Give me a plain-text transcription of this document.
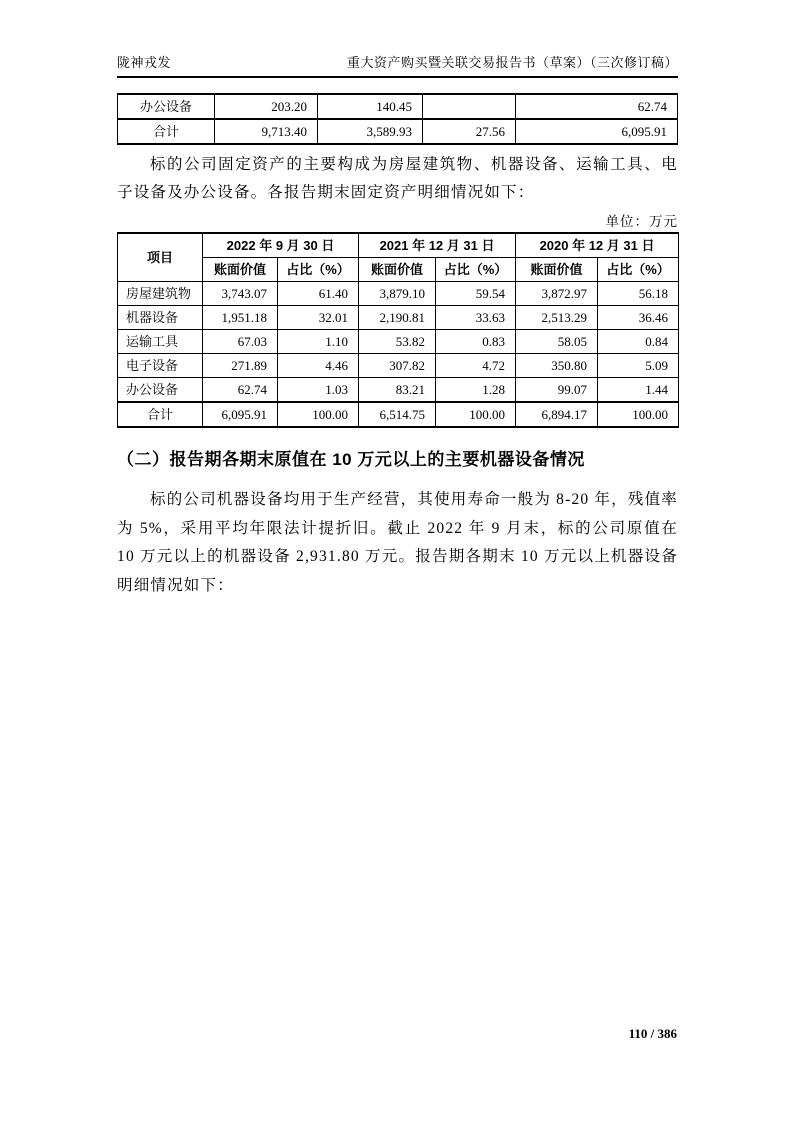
陇神戎发	重大资产购买暨关联交易报告书（草案）（三次修订稿）
办公设备	203.20	140.45		62.74
合计	9,713.40	3,589.93	27.56	6,095.91

标的公司固定资产的主要构成为房屋建筑物、机器设备、运输工具、电子设备及办公设备。各报告期末固定资产明细情况如下：

单位：万元
项目	2022 年 9 月 30 日		2021 年 12 月 31 日		2020 年 12 月 31 日	
	账面价值	占比（%）	账面价值	占比（%）	账面价值	占比（%）
房屋建筑物	3,743.07	61.40	3,879.10	59.54	3,872.97	56.18
机器设备	1,951.18	32.01	2,190.81	33.63	2,513.29	36.46
运输工具	67.03	1.10	53.82	0.83	58.05	0.84
电子设备	271.89	4.46	307.82	4.72	350.80	5.09
办公设备	62.74	1.03	83.21	1.28	99.07	1.44
合计	6,095.91	100.00	6,514.75	100.00	6,894.17	100.00
（二）报告期各期末原值在 10 万元以上的主要机器设备情况

标的公司机器设备均用于生产经营，其使用寿命一般为 8-20 年，残值率为 5%，采用平均年限法计提折旧。截止 2022 年 9 月末，标的公司原值在 10 万元以上的机器设备 2,931.80 万元。报告期各期末 10 万元以上机器设备明细情况如下：

110 / 386
